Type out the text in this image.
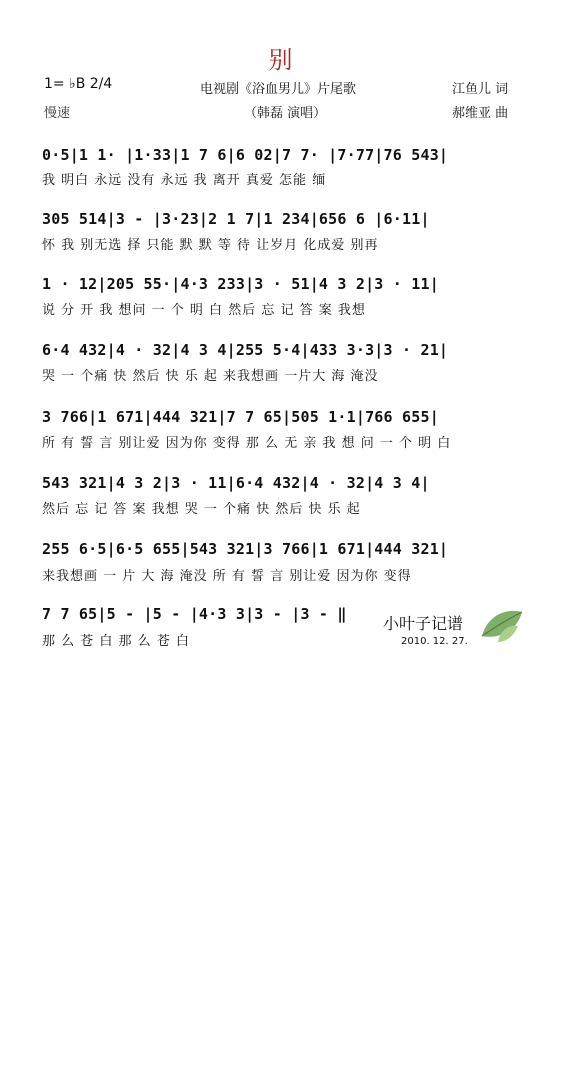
别
1= ♭B 2/4
慢速
电视剧《浴血男儿》片尾歌
（韩磊 演唱）
江鱼儿 词
郝维亚 曲
0·5|1 1· |1·33|1 7 6|6 02|7 7· |7·77|76 543|
我 明白 永远 没有 永远 我 离开 真爱 怎能 缅
305 514|3 - |3·23|2 1 7|1 234|656 6 |6·11|
怀 我 别无选 择 只能 默 默 等 待 让岁月 化成爱 别再
1 · 12|205 55·|4·3 233|3 · 51|4 3 2|3 · 11|
说 分 开 我 想问 一 个 明 白 然后 忘 记 答 案 我想
6·4 432|4 · 32|4 3 4|255 5·4|433 3·3|3 · 21|
哭 一 个痛 快 然后 快 乐 起 来我想画 一片大 海 淹没
3 766|1 671|444 321|7 7 65|505 1·1|766 655|
所 有 誓 言 别让爱 因为你 变得 那 么 无 亲 我 想 问 一 个 明 白
543 321|4 3 2|3 · 11|6·4 432|4 · 32|4 3 4|
然后 忘 记 答 案 我想 哭 一 个痛 快 然后 快 乐 起
255 6·5|6·5 655|543 321|3 766|1 671|444 321|
来我想画 一 片 大 海 淹没 所 有 誓 言 别让爱 因为你 变得
7 7 65|5 - |5 - |4·3 3|3 - |3 - ‖
那 么 苍 白 那 么 苍 白
小叶子记谱
2010. 12. 27.
